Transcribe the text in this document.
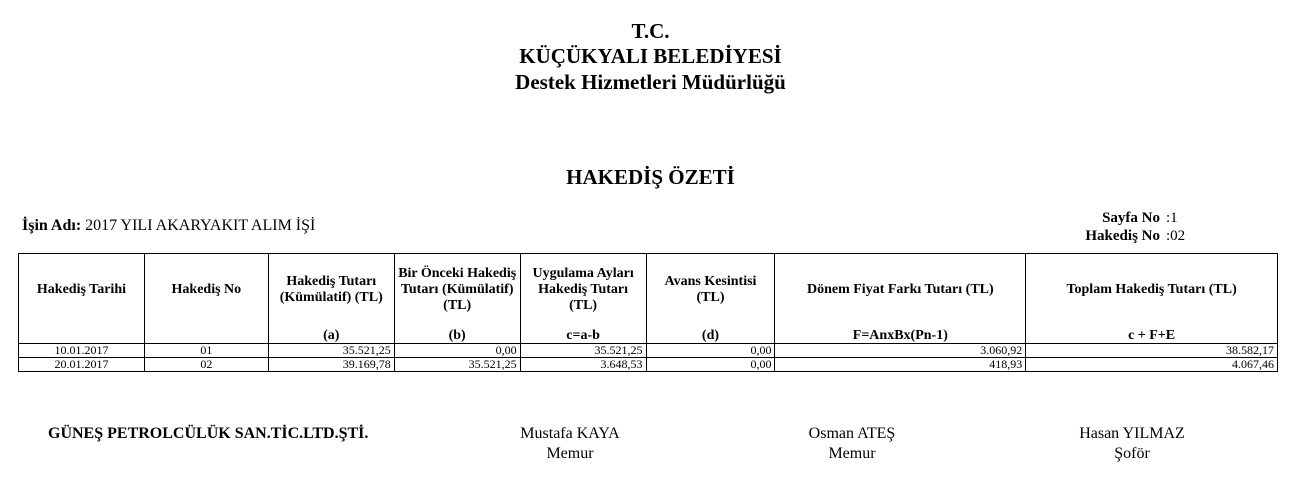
T.C.
KÜÇÜKYALI BELEDİYESİ
Destek Hizmetleri Müdürlüğü
HAKEDİŞ ÖZETİ
İşin Adı: 2017 YILI AKARYAKIT ALIM İŞİ	Sayfa No :1
Hakediş No :02
Hakediş Tarihi	Hakediş No	Hakediş Tutarı (Kümülatif) (TL)	Bir Önceki Hakediş Tutarı (Kümülatif) (TL)	Uygulama Ayları Hakediş Tutarı (TL)	Avans Kesintisi (TL)	Dönem Fiyat Farkı Tutarı (TL)	Toplam Hakediş Tutarı (TL)
		(a)	(b)	c=a-b	(d)	F=AnxBx(Pn-1)	c + F+E
10.01.2017	01	35.521,25	0,00	35.521,25	0,00	3.060,92	38.582,17
20.01.2017	02	39.169,78	35.521,25	3.648,53	0,00	418,93	4.067,46
GÜNEŞ PETROLCÜLÜK SAN.TİC.LTD.ŞTİ.	Mustafa KAYA
Memur
Osman ATEŞ
Memur
Hasan YILMAZ
Şoför
